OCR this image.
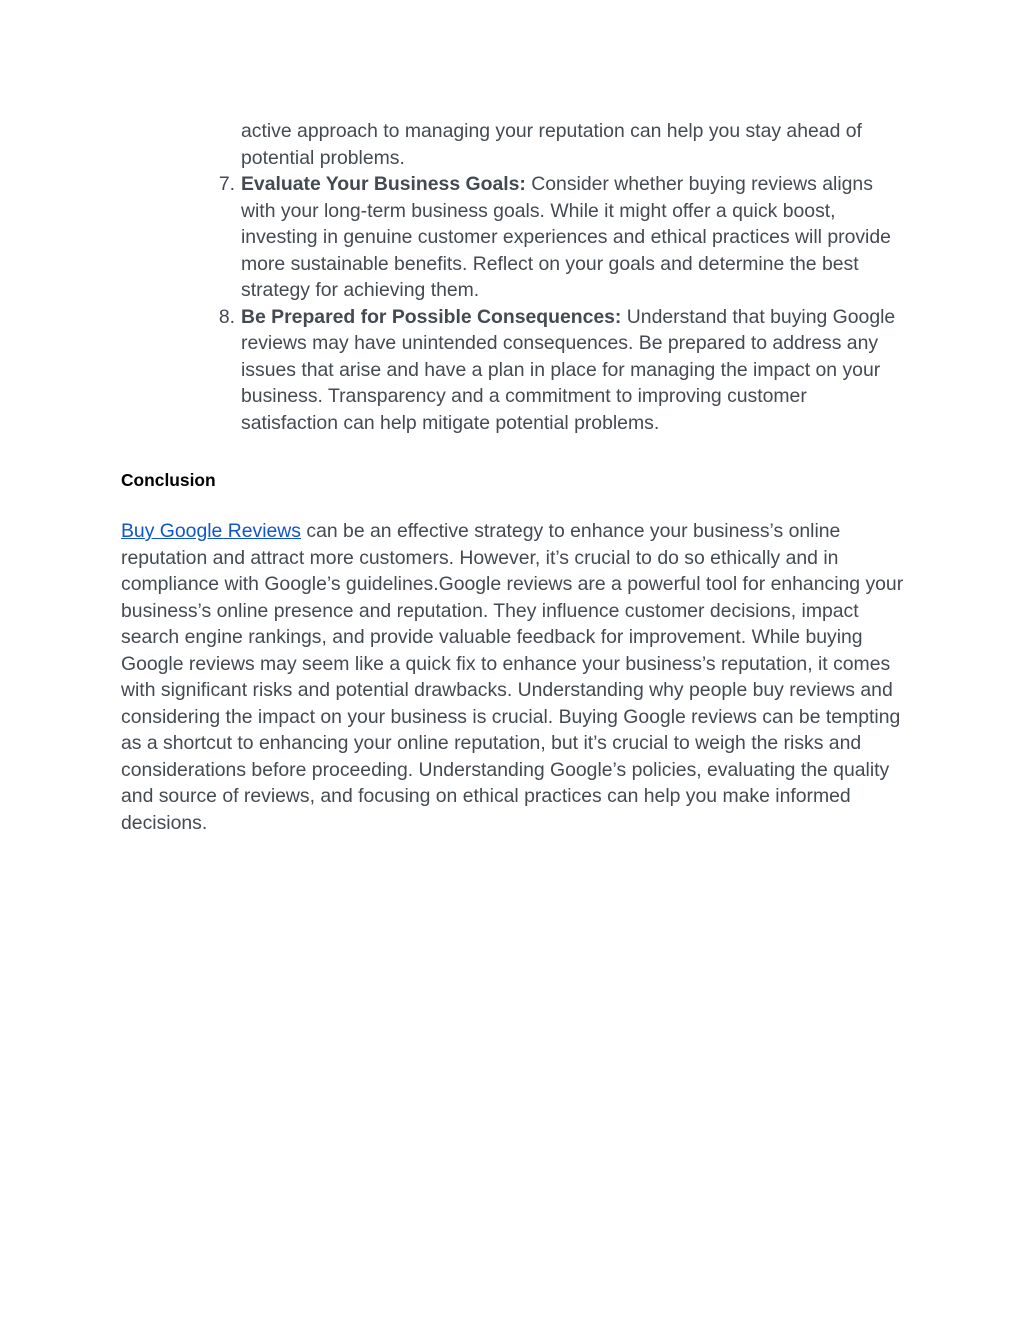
active approach to managing your reputation can help you stay ahead of potential problems.
7. Evaluate Your Business Goals: Consider whether buying reviews aligns with your long-term business goals. While it might offer a quick boost, investing in genuine customer experiences and ethical practices will provide more sustainable benefits. Reflect on your goals and determine the best strategy for achieving them.
8. Be Prepared for Possible Consequences: Understand that buying Google reviews may have unintended consequences. Be prepared to address any issues that arise and have a plan in place for managing the impact on your business. Transparency and a commitment to improving customer satisfaction can help mitigate potential problems.
Conclusion

Buy Google Reviews can be an effective strategy to enhance your business’s online reputation and attract more customers. However, it’s crucial to do so ethically and in compliance with Google’s guidelines.Google reviews are a powerful tool for enhancing your business’s online presence and reputation. They influence customer decisions, impact search engine rankings, and provide valuable feedback for improvement. While buying Google reviews may seem like a quick fix to enhance your business’s reputation, it comes with significant risks and potential drawbacks. Understanding why people buy reviews and considering the impact on your business is crucial. Buying Google reviews can be tempting as a shortcut to enhancing your online reputation, but it’s crucial to weigh the risks and considerations before proceeding. Understanding Google’s policies, evaluating the quality and source of reviews, and focusing on ethical practices can help you make informed decisions.
